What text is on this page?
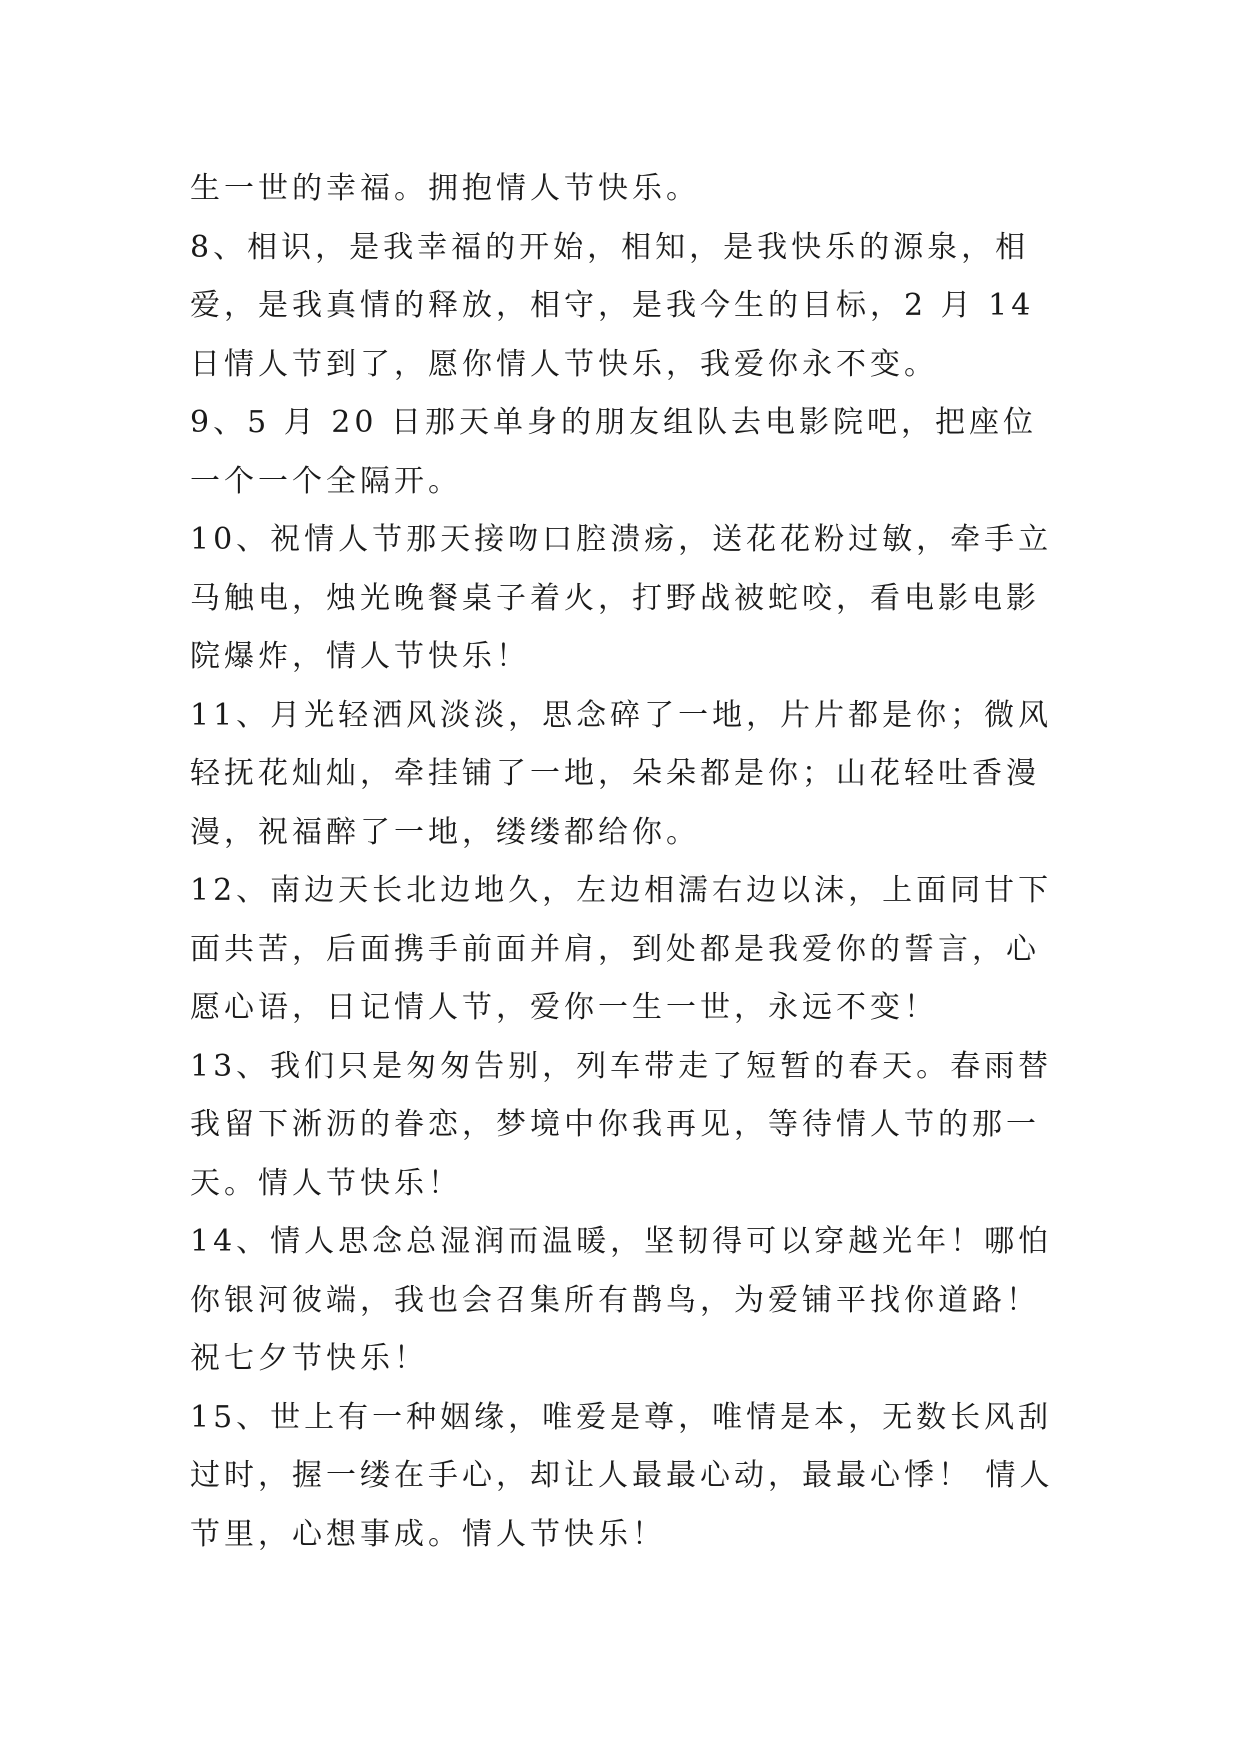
生一世的幸福。拥抱情人节快乐。

8、相识，是我幸福的开始，相知，是我快乐的源泉，相爱，是我真情的释放，相守，是我今生的目标，2 月 14 日情人节到了，愿你情人节快乐，我爱你永不变。

9、5 月 20 日那天单身的朋友组队去电影院吧，把座位一个一个全隔开。

10、祝情人节那天接吻口腔溃疡，送花花粉过敏，牵手立马触电，烛光晚餐桌子着火，打野战被蛇咬，看电影电影院爆炸，情人节快乐！

11、月光轻洒风淡淡，思念碎了一地，片片都是你；微风轻抚花灿灿，牵挂铺了一地，朵朵都是你；山花轻吐香漫漫，祝福醉了一地，缕缕都给你。

12、南边天长北边地久，左边相濡右边以沫，上面同甘下面共苦，后面携手前面并肩，到处都是我爱你的誓言，心愿心语，日记情人节，爱你一生一世，永远不变！

13、我们只是匆匆告别，列车带走了短暂的春天。春雨替我留下淅沥的眷恋，梦境中你我再见，等待情人节的那一天。情人节快乐！

14、情人思念总湿润而温暖，坚韧得可以穿越光年！哪怕你银河彼端，我也会召集所有鹊鸟，为爱铺平找你道路！祝七夕节快乐！

15、世上有一种姻缘，唯爱是尊，唯情是本，无数长风刮过时，握一缕在手心，却让人最最心动，最最心悸！ 情人节里，心想事成。情人节快乐！
